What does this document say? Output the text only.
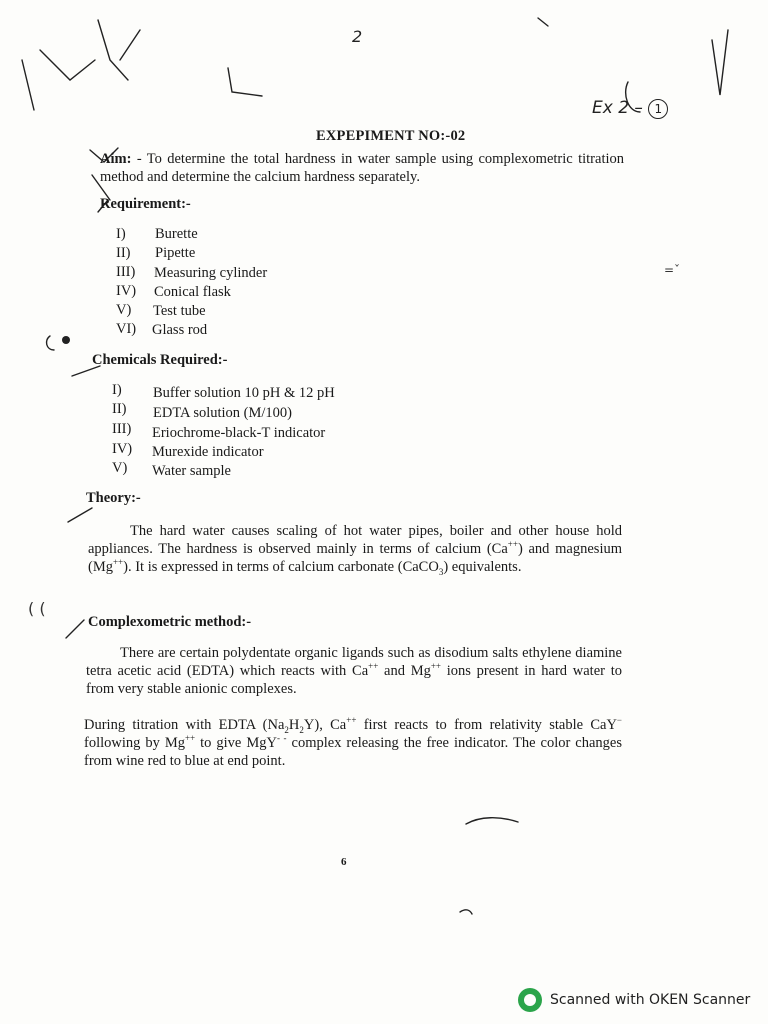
2
( (
=ˇ
Ex 2 – 1
EXPEPIMENT NO:-02
Aim: - To determine the total hardness in water sample using complexometric titration method and determine the calcium hardness separately.
Requirement:-
I) Burette
II) Pipette
III) Measuring cylinder
IV) Conical flask
V) Test tube
VI) Glass rod
Chemicals Required:-
I) Buffer solution 10 pH & 12 pH
II) EDTA solution (M/100)
III) Eriochrome-black-T indicator
IV) Murexide indicator
V) Water sample
Theory:-
The hard water causes scaling of hot water pipes, boiler and other house hold appliances. The hardness is observed mainly in terms of calcium (Ca++) and magnesium (Mg++). It is expressed in terms of calcium carbonate (CaCO$_3$) equivalents.
Complexometric method:-
There are certain polydentate organic ligands such as disodium salts ethylene diamine tetra acetic acid (EDTA) which reacts with Ca++ and Mg++ ions present in hard water to from very stable anionic complexes.
During titration with EDTA $(Na_2H_2Y)$, Ca++ first reacts to from relativity stable CaY− following by Mg++ to give MgY- - complex releasing the free indicator. The color changes from wine red to blue at end point.
6
Scanned with OKEN Scanner
